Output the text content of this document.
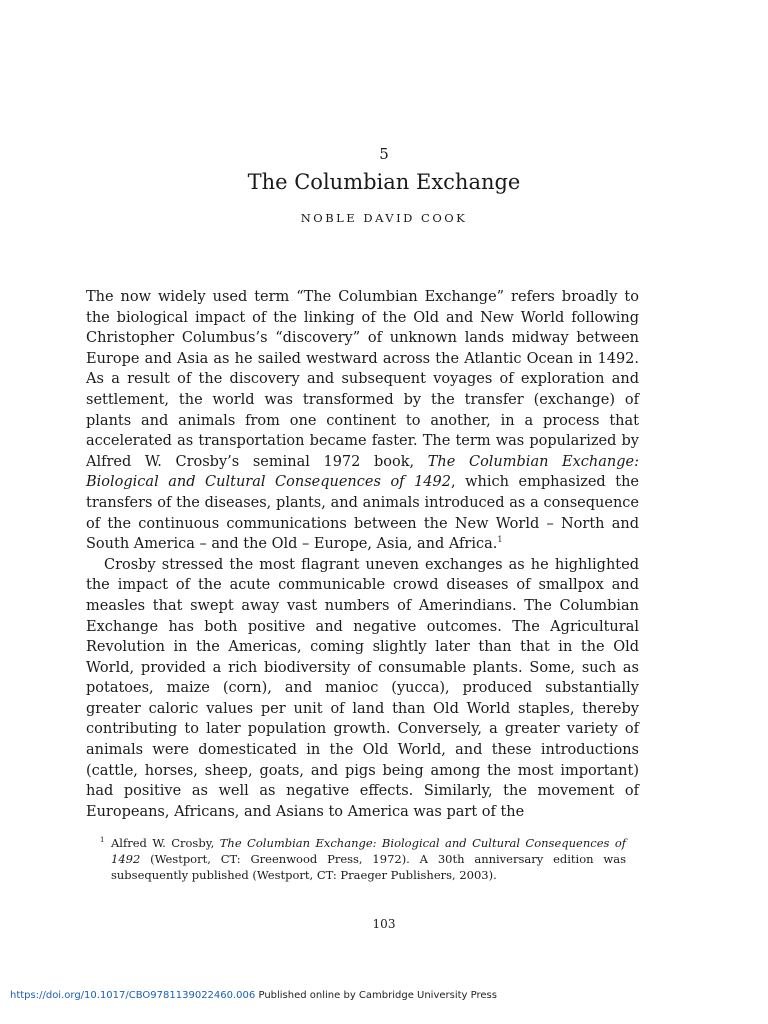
5
The Columbian Exchange
NOBLE DAVID COOK

The now widely used term “The Columbian Exchange” refers broadly to the biological impact of the linking of the Old and New World following Christopher Columbus’s “discovery” of unknown lands midway between Europe and Asia as he sailed westward across the Atlantic Ocean in 1492. As a result of the discovery and subsequent voyages of exploration and settlement, the world was transformed by the transfer (exchange) of plants and animals from one continent to another, in a process that accelerated as transportation became faster. The term was popularized by Alfred W. Crosby’s seminal 1972 book, The Columbian Exchange: Biological and Cultural Consequences of 1492, which emphasized the transfers of the diseases, plants, and animals introduced as a consequence of the continuous communications between the New World – North and South America – and the Old – Europe, Asia, and Africa.$^1$

Crosby stressed the most flagrant uneven exchanges as he highlighted the impact of the acute communicable crowd diseases of smallpox and measles that swept away vast numbers of Amerindians. The Columbian Exchange has both positive and negative outcomes. The Agricultural Revolution in the Americas, coming slightly later than that in the Old World, provided a rich biodiversity of consumable plants. Some, such as potatoes, maize (corn), and manioc (yucca), produced substantially greater caloric values per unit of land than Old World staples, thereby contributing to later population growth. Conversely, a greater variety of animals were domesticated in the Old World, and these introductions (cattle, horses, sheep, goats, and pigs being among the most important) had positive as well as negative effects. Similarly, the movement of Europeans, Africans, and Asians to America was part of the

1 Alfred W. Crosby, The Columbian Exchange: Biological and Cultural Consequences of 1492 (Westport, CT: Greenwood Press, 1972). A 30th anniversary edition was subsequently published (Westport, CT: Praeger Publishers, 2003).
103
https://doi.org/10.1017/CBO9781139022460.006 Published online by Cambridge University Press
